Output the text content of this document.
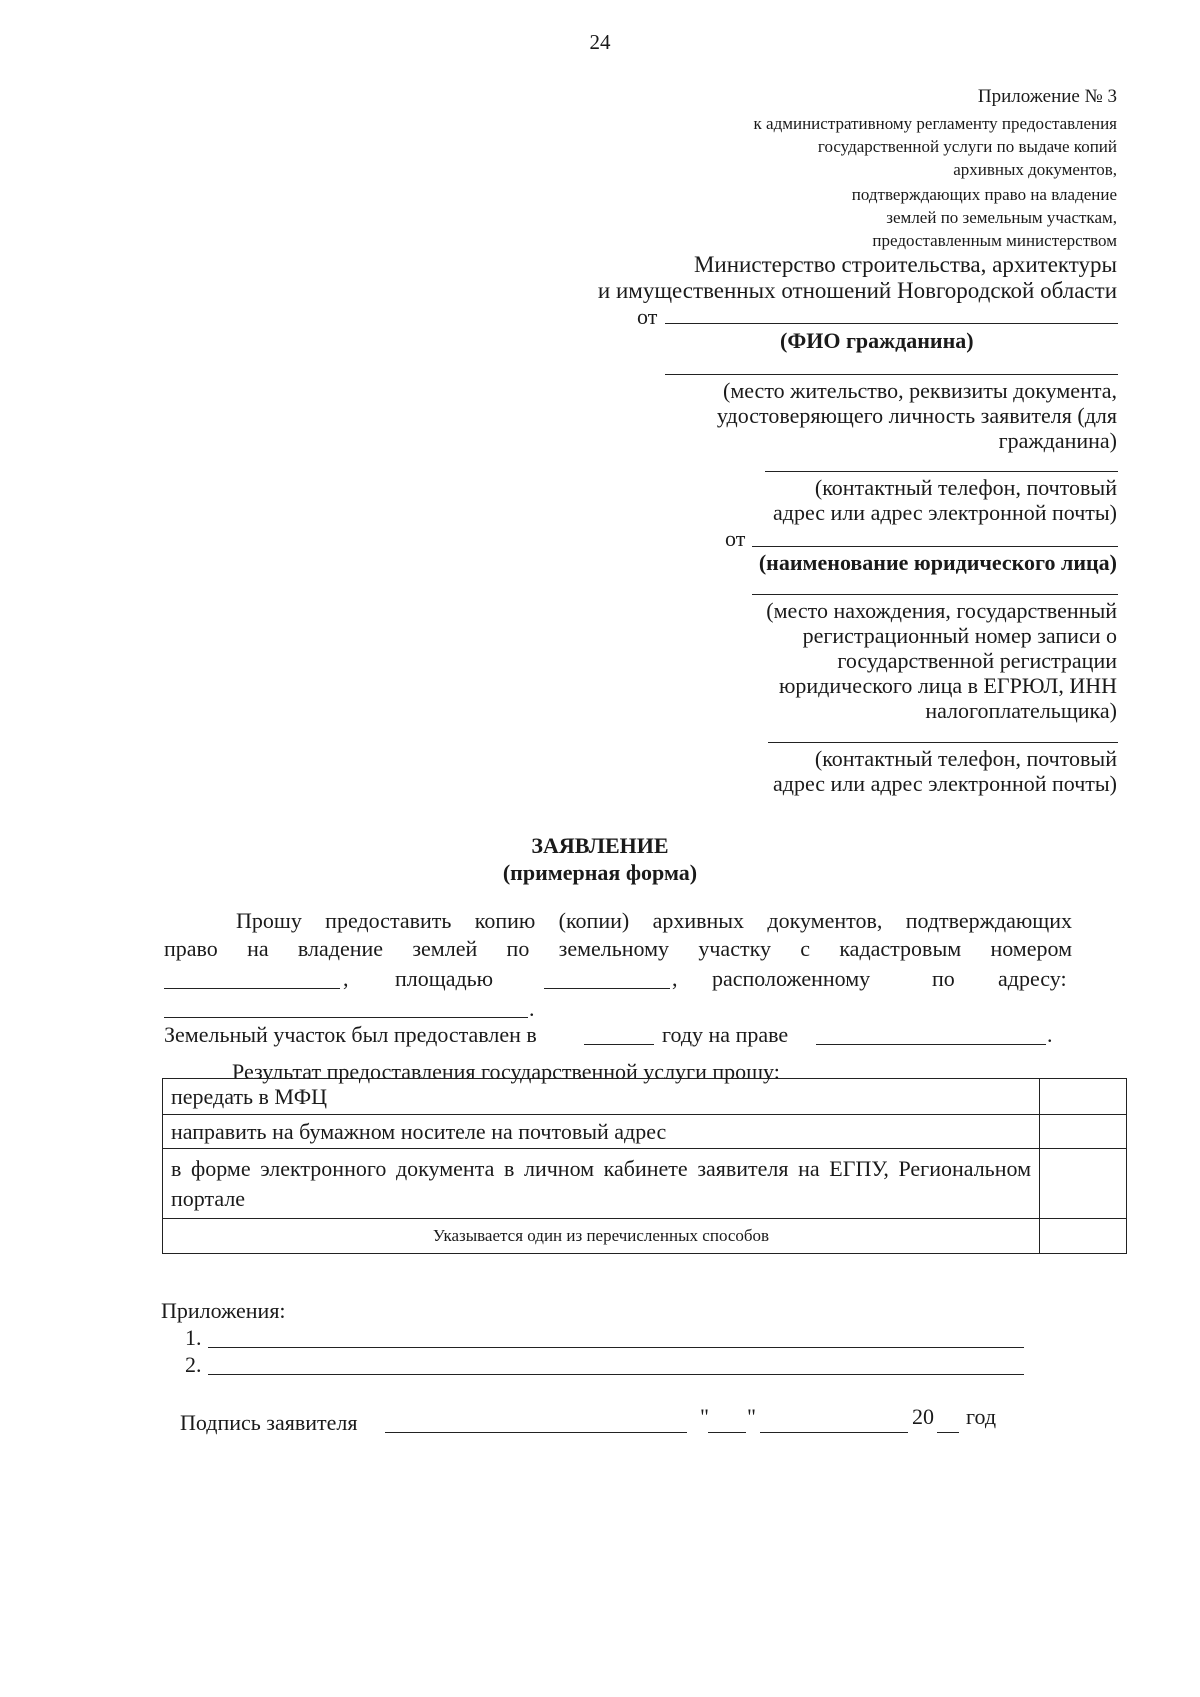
24
Приложение № 3
к административному регламенту предоставления
государственной услуги по выдаче копий
архивных документов,
подтверждающих право на владение
землей по земельным участкам,
предоставленным министерством
Министерство строительства, архитектуры
и имущественных отношений Новгородской области
от
(ФИО гражданина)
(место жительство, реквизиты документа,
удостоверяющего личность заявителя (для
гражданина)
(контактный телефон, почтовый
адрес или адрес электронной почты)
от
(наименование юридического лица)
(место нахождения, государственный
регистрационный номер записи о
государственной регистрации
юридического лица в ЕГРЮЛ, ИНН
налогоплательщика)
(контактный телефон, почтовый
адрес или адрес электронной почты)
ЗАЯВЛЕНИЕ
(примерная форма)
Прошу предоставить копию (копии) архивных документов, подтверждающих
право на владение землей по земельному участку с кадастровым номером
, площадью	, расположенному	по адресу:
.
Земельный участок был предоставлен в	году на праве	.
Результат предоставления государственной услуги прошу:
передать в МФЦ	
направить на бумажном носителе на почтовый адрес	
в форме электронного документа в личном кабинете заявителя на ЕГПУ, Региональном портале	
Указывается один из перечисленных способов	
Приложения:
1.
2.
Подпись заявителя	" "	20 год
